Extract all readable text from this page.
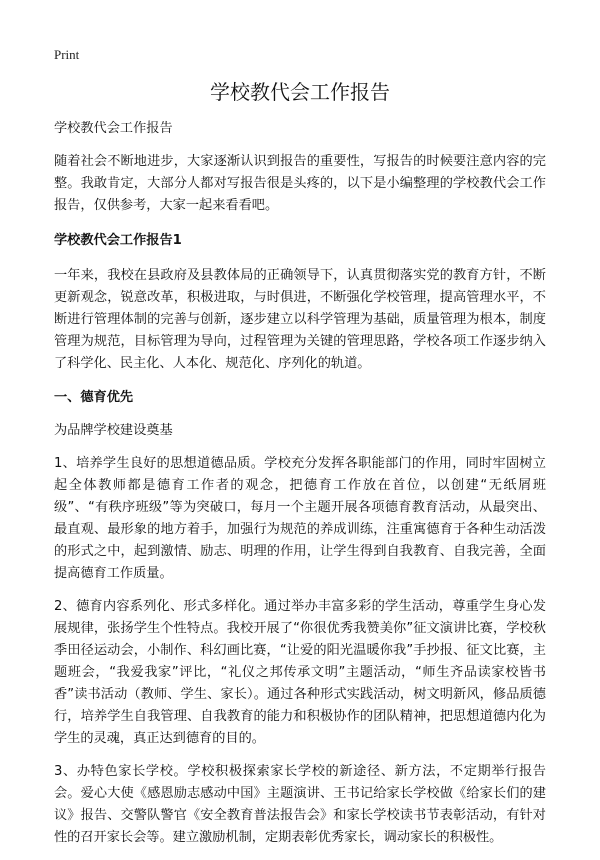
Print
学校教代会工作报告

学校教代会工作报告

随着社会不断地进步，大家逐渐认识到报告的重要性，写报告的时候要注意内容的完整。我敢肯定，大部分人都对写报告很是头疼的，以下是小编整理的学校教代会工作报告，仅供参考，大家一起来看看吧。

学校教代会工作报告1

一年来，我校在县政府及县教体局的正确领导下，认真贯彻落实党的教育方针，不断更新观念，锐意改革，积极进取，与时俱进，不断强化学校管理，提高管理水平，不断进行管理体制的完善与创新，逐步建立以科学管理为基础，质量管理为根本，制度管理为规范，目标管理为导向，过程管理为关键的管理思路，学校各项工作逐步纳入了科学化、民主化、人本化、规范化、序列化的轨道。

一、德育优先

为品牌学校建设奠基

1、培养学生良好的思想道德品质。学校充分发挥各职能部门的作用，同时牢固树立起全体教师都是德育工作者的观念，把德育工作放在首位，以创建“无纸屑班级”、“有秩序班级”等为突破口，每月一个主题开展各项德育教育活动，从最突出、最直观、最形象的地方着手，加强行为规范的养成训练，注重寓德育于各种生动活泼的形式之中，起到激情、励志、明理的作用，让学生得到自我教育、自我完善，全面提高德育工作质量。

2、德育内容系列化、形式多样化。通过举办丰富多彩的学生活动，尊重学生身心发展规律，张扬学生个性特点。我校开展了“你很优秀我赞美你”征文演讲比赛，学校秋季田径运动会，小制作、科幻画比赛，“让爱的阳光温暖你我”手抄报、征文比赛，主题班会，“我爱我家”评比，“礼仪之邦传承文明”主题活动，“师生齐品读家校皆书香”读书活动（教师、学生、家长）。通过各种形式实践活动，树文明新风，修品质德行，培养学生自我管理、自我教育的能力和积极协作的团队精神，把思想道德内化为学生的灵魂，真正达到德育的目的。

3、办特色家长学校。学校积极探索家长学校的新途径、新方法，不定期举行报告会。爱心大使《感恩励志感动中国》主题演讲、王书记给家长学校做《给家长们的建议》报告、交警队警官《安全教育普法报告会》和家长学校读书节表彰活动，有针对性的召开家长会等。建立激励机制，定期表彰优秀家长，调动家长的积极性。
